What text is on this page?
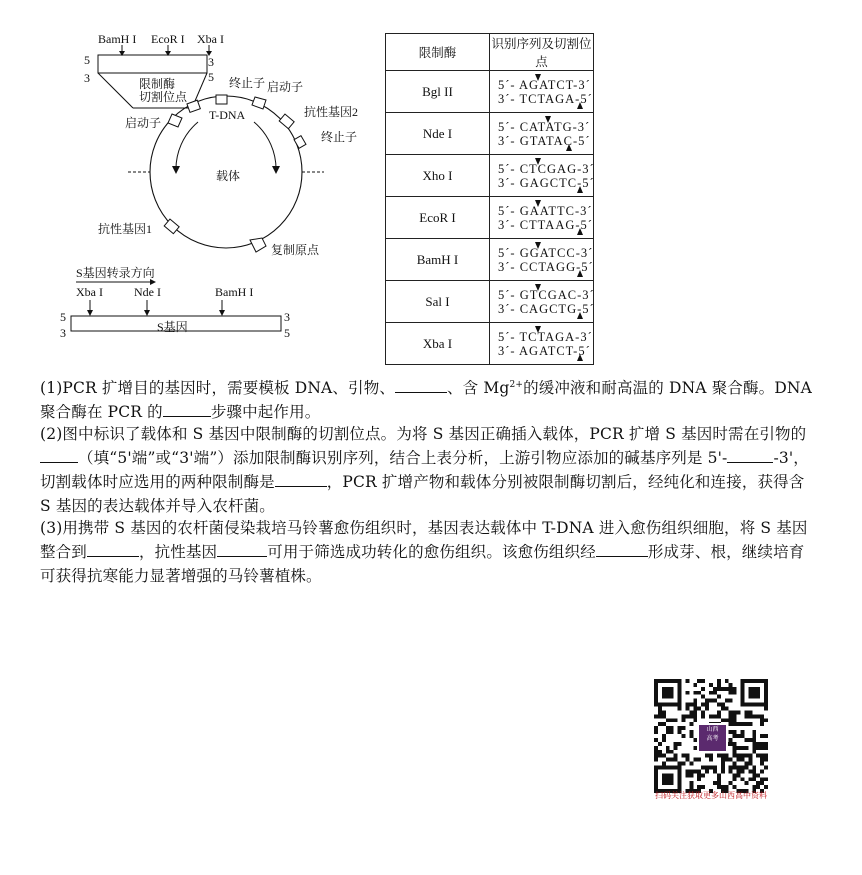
BamH I EcoR I Xba I
5
3
3
5
限制酶
切割位点
终止子 启动子
抗性基因2
终止子
启动子
T-DNA
载体
抗性基因1
复制原点
S基因转录方向
Xba I	Nde I	BamH I
5
3
3
5
S基因
限制酶	识别序列及切割位点
Bgl II	5´- AGATCT-3´
3´- TCTAGA-5´

Nde I	5´- CATATG-3´
3´- GTATAC-5´

Xho I	5´- CTCGAG-3´
3´- GAGCTC-5´

EcoR I	5´- GAATTC-3´
3´- CTTAAG-5´

BamH I	5´- GGATCC-3´
3´- CCTAGG-5´

Sal I	5´- GTCGAC-3´
3´- CAGCTG-5´

Xba I	5´- TCTAGA-3´
3´- AGATCT-5´
(1)PCR 扩增目的基因时，需要模板 DNA、引物、	、含 $Mg^{2+}$的缓冲液和耐高温的 DNA 聚合酶。DNA 聚合酶在 PCR 的	步骤中起作用。
(2)图中标识了载体和 S 基因中限制酶的切割位点。为将 S 基因正确插入载体，PCR 扩增 S 基因时需在引物的（填“5'端”或“3'端”）添加限制酶识别序列，结合上表分析，上游引物应添加的碱基序列是 5'-	-3'，切割载体时应选用的两种限制酶是	，PCR 扩增产物和载体分别被限制酶切割后，经纯化和连接，获得含 S 基因的表达载体并导入农杆菌。
(3)用携带 S 基因的农杆菌侵染栽培马铃薯愈伤组织时，基因表达载体中 T-DNA 进入愈伤组织细胞，将 S 基因整合到	，抗性基因	可用于筛选成功转化的愈伤组织。该愈伤组织经	形成芽、根，继续培育可获得抗寒能力显著增强的马铃薯植株。
山西
高考
扫码关注获取更多山西高中资料
